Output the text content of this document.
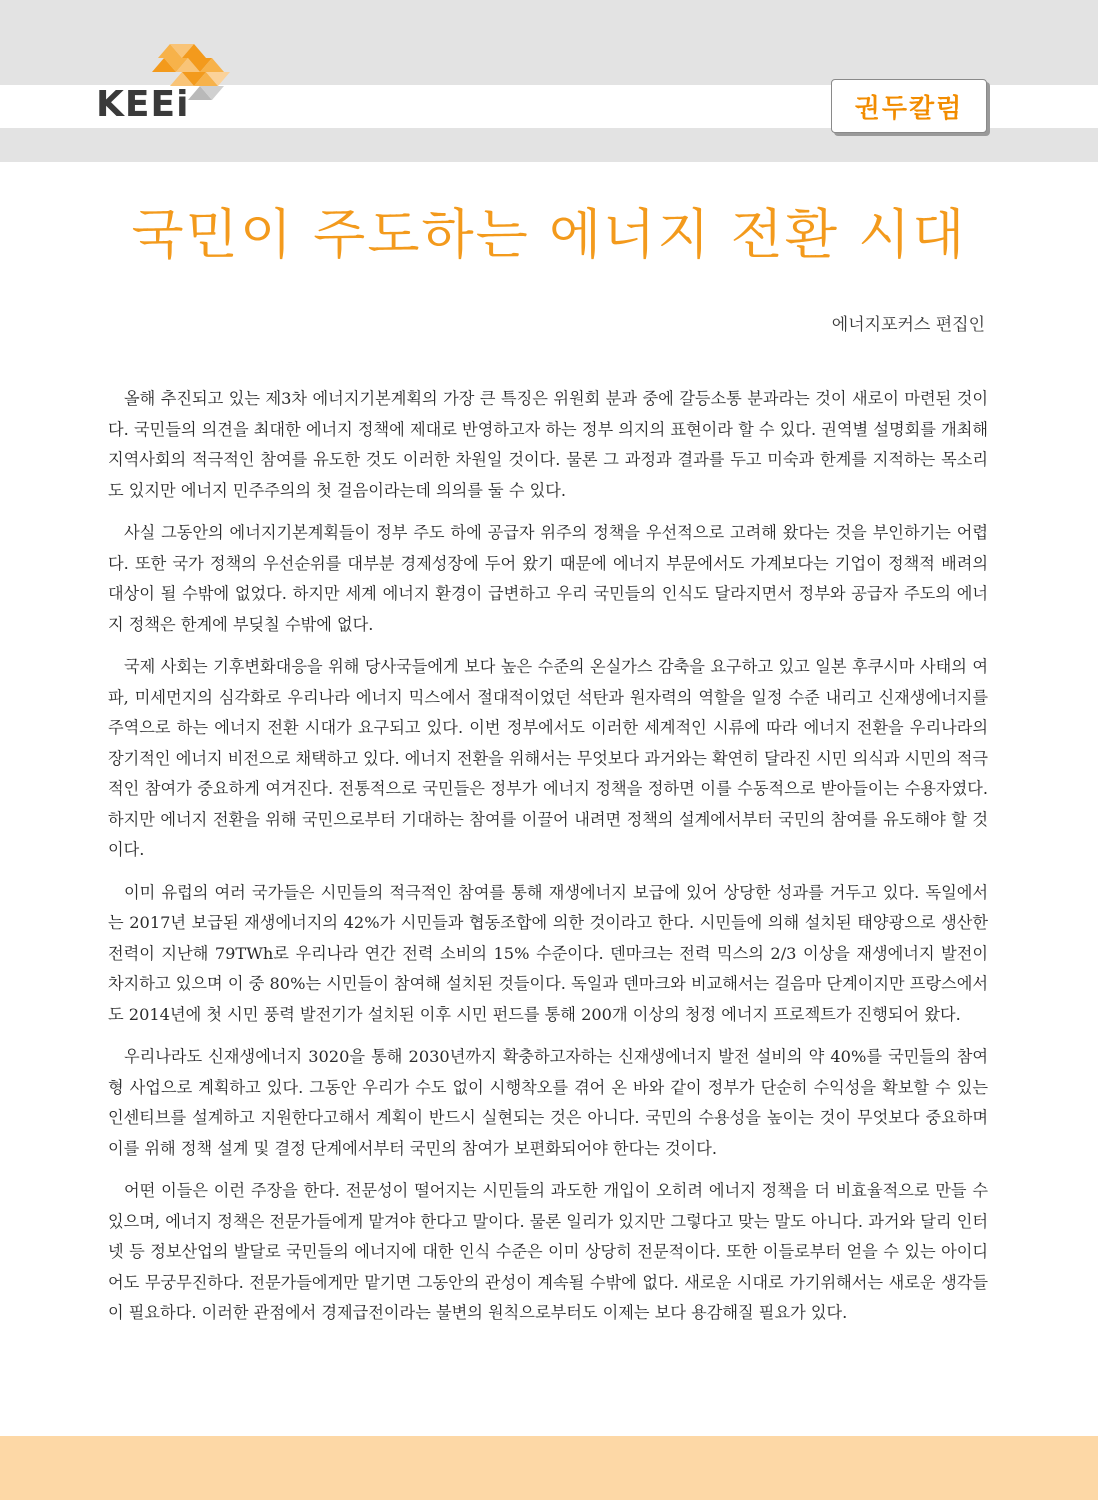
KEEi	권두칼럼
국민이 주도하는 에너지 전환 시대
에너지포커스 편집인

올해 추진되고 있는 제3차 에너지기본계획의 가장 큰 특징은 위원회 분과 중에 갈등소통 분과라는 것이 새로이 마련된 것이다. 국민들의 의견을 최대한 에너지 정책에 제대로 반영하고자 하는 정부 의지의 표현이라 할 수 있다. 권역별 설명회를 개최해 지역사회의 적극적인 참여를 유도한 것도 이러한 차원일 것이다. 물론 그 과정과 결과를 두고 미숙과 한계를 지적하는 목소리도 있지만 에너지 민주주의의 첫 걸음이라는데 의의를 둘 수 있다.

사실 그동안의 에너지기본계획들이 정부 주도 하에 공급자 위주의 정책을 우선적으로 고려해 왔다는 것을 부인하기는 어렵다. 또한 국가 정책의 우선순위를 대부분 경제성장에 두어 왔기 때문에 에너지 부문에서도 가계보다는 기업이 정책적 배려의 대상이 될 수밖에 없었다. 하지만 세계 에너지 환경이 급변하고 우리 국민들의 인식도 달라지면서 정부와 공급자 주도의 에너지 정책은 한계에 부딪칠 수밖에 없다.

국제 사회는 기후변화대응을 위해 당사국들에게 보다 높은 수준의 온실가스 감축을 요구하고 있고 일본 후쿠시마 사태의 여파, 미세먼지의 심각화로 우리나라 에너지 믹스에서 절대적이었던 석탄과 원자력의 역할을 일정 수준 내리고 신재생에너지를 주역으로 하는 에너지 전환 시대가 요구되고 있다. 이번 정부에서도 이러한 세계적인 시류에 따라 에너지 전환을 우리나라의 장기적인 에너지 비전으로 채택하고 있다. 에너지 전환을 위해서는 무엇보다 과거와는 확연히 달라진 시민 의식과 시민의 적극적인 참여가 중요하게 여겨진다. 전통적으로 국민들은 정부가 에너지 정책을 정하면 이를 수동적으로 받아들이는 수용자였다. 하지만 에너지 전환을 위해 국민으로부터 기대하는 참여를 이끌어 내려면 정책의 설계에서부터 국민의 참여를 유도해야 할 것이다.

이미 유럽의 여러 국가들은 시민들의 적극적인 참여를 통해 재생에너지 보급에 있어 상당한 성과를 거두고 있다. 독일에서는 2017년 보급된 재생에너지의 42%가 시민들과 협동조합에 의한 것이라고 한다. 시민들에 의해 설치된 태양광으로 생산한 전력이 지난해 79TWh로 우리나라 연간 전력 소비의 15% 수준이다. 덴마크는 전력 믹스의 2/3 이상을 재생에너지 발전이 차지하고 있으며 이 중 80%는 시민들이 참여해 설치된 것들이다. 독일과 덴마크와 비교해서는 걸음마 단계이지만 프랑스에서도 2014년에 첫 시민 풍력 발전기가 설치된 이후 시민 펀드를 통해 200개 이상의 청정 에너지 프로젝트가 진행되어 왔다.

우리나라도 신재생에너지 3020을 통해 2030년까지 확충하고자하는 신재생에너지 발전 설비의 약 40%를 국민들의 참여형 사업으로 계획하고 있다. 그동안 우리가 수도 없이 시행착오를 겪어 온 바와 같이 정부가 단순히 수익성을 확보할 수 있는 인센티브를 설계하고 지원한다고해서 계획이 반드시 실현되는 것은 아니다. 국민의 수용성을 높이는 것이 무엇보다 중요하며 이를 위해 정책 설계 및 결정 단계에서부터 국민의 참여가 보편화되어야 한다는 것이다.

어떤 이들은 이런 주장을 한다. 전문성이 떨어지는 시민들의 과도한 개입이 오히려 에너지 정책을 더 비효율적으로 만들 수 있으며, 에너지 정책은 전문가들에게 맡겨야 한다고 말이다. 물론 일리가 있지만 그렇다고 맞는 말도 아니다. 과거와 달리 인터넷 등 정보산업의 발달로 국민들의 에너지에 대한 인식 수준은 이미 상당히 전문적이다. 또한 이들로부터 얻을 수 있는 아이디어도 무궁무진하다. 전문가들에게만 맡기면 그동안의 관성이 계속될 수밖에 없다. 새로운 시대로 가기위해서는 새로운 생각들이 필요하다. 이러한 관점에서 경제급전이라는 불변의 원칙으로부터도 이제는 보다 용감해질 필요가 있다.
